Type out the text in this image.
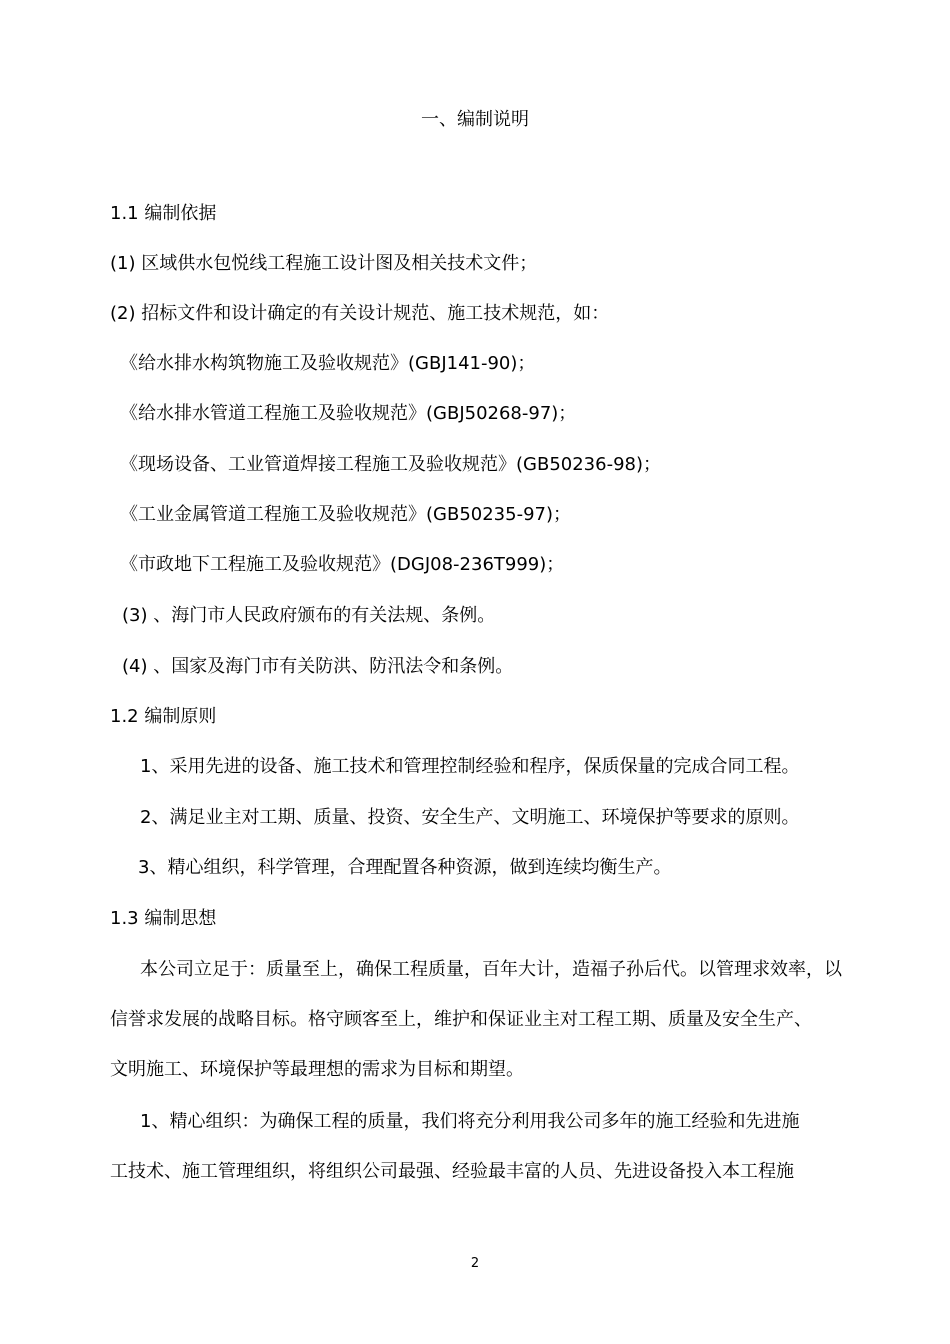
一、编制说明
1.1 编制依据
(1) 区域供水包悦线工程施工设计图及相关技术文件；
(2) 招标文件和设计确定的有关设计规范、施工技术规范，如：
《给水排水构筑物施工及验收规范》(GBJ141-90)；
《给水排水管道工程施工及验收规范》(GBJ50268-97)；
《现场设备、工业管道焊接工程施工及验收规范》(GB50236-98)；
《工业金属管道工程施工及验收规范》(GB50235-97)；
《市政地下工程施工及验收规范》(DGJ08-236T999)；
(3) 、海门市人民政府颁布的有关法规、条例。
(4) 、国家及海门市有关防洪、防汛法令和条例。
1.2 编制原则
1、采用先进的设备、施工技术和管理控制经验和程序，保质保量的完成合同工程。
2、满足业主对工期、质量、投资、安全生产、文明施工、环境保护等要求的原则。
3、精心组织，科学管理，合理配置各种资源，做到连续均衡生产。
1.3 编制思想
本公司立足于：质量至上，确保工程质量，百年大计，造福子孙后代。以管理求效率，以
信誉求发展的战略目标。格守顾客至上，维护和保证业主对工程工期、质量及安全生产、
文明施工、环境保护等最理想的需求为目标和期望。
1、精心组织：为确保工程的质量，我们将充分利用我公司多年的施工经验和先进施
工技术、施工管理组织，将组织公司最强、经验最丰富的人员、先进设备投入本工程施
2
